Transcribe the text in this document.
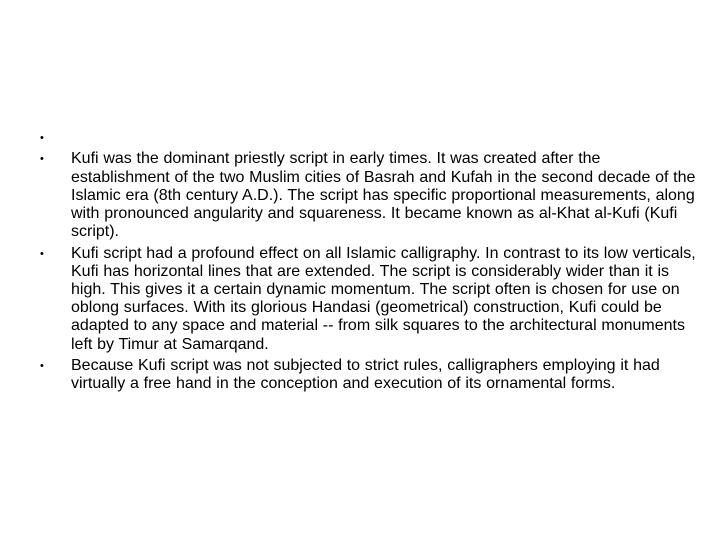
•
•	Kufi was the dominant priestly script in early times. It was created after the establishment of the two Muslim cities of Basrah and Kufah in the second decade of the Islamic era (8th century A.D.). The script has specific proportional measurements, along with pronounced angularity and squareness. It became known as al-Khat al-Kufi (Kufi script).
•	Kufi script had a profound effect on all Islamic calligraphy. In contrast to its low verticals, Kufi has horizontal lines that are extended. The script is considerably wider than it is high. This gives it a certain dynamic momentum. The script often is chosen for use on oblong surfaces. With its glorious Handasi (geometrical) construction, Kufi could be adapted to any space and material -- from silk squares to the architectural monuments left by Timur at Samarqand.
•	Because Kufi script was not subjected to strict rules, calligraphers employing it had virtually a free hand in the conception and execution of its ornamental forms.
